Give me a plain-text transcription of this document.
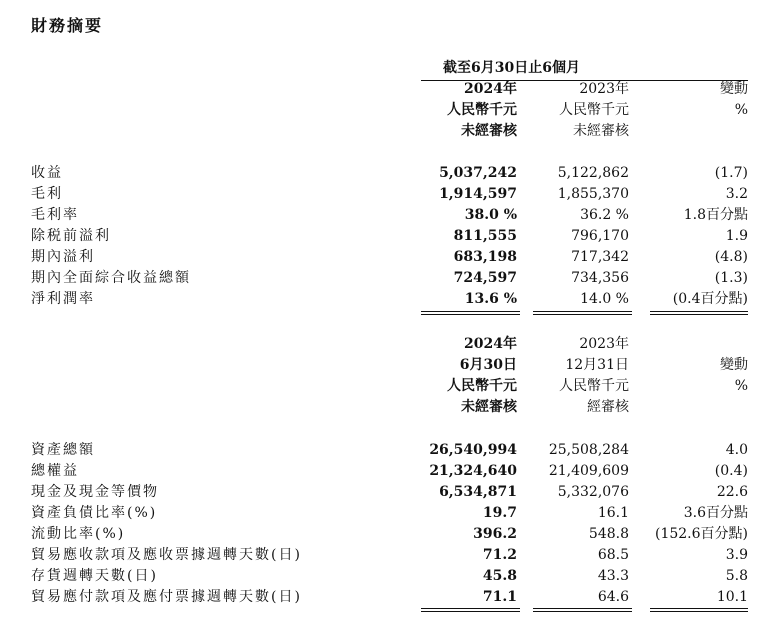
財務摘要
截至6月30日止6個月
2024年
人民幣千元
未經審核
2023年
人民幣千元
未經審核
變動
%
收益	5,037,242	5,122,862	(1.7)
毛利	1,914,597	1,855,370	3.2
毛利率	38.0 %	36.2 %	1.8百分點
除税前溢利	811,555	796,170	1.9
期內溢利	683,198	717,342	(4.8)
期內全面綜合收益總額	724,597	734,356	(1.3)
淨利潤率	13.6 %	14.0 %	(0.4百分點)
2024年
6月30日
人民幣千元
未經審核
2023年
12月31日
人民幣千元
經審核
變動
%
資產總額	26,540,994 25,508,284	4.0
總權益	21,324,640 21,409,609	(0.4)
現金及現金等價物	6,534,871	5,332,076	22.6
資產負債比率(%)	19.7	16.1	3.6百分點
流動比率(%)	396.2	548.8 (152.6百分點)
貿易應收款項及應收票據週轉天數(日)	71.2	68.5	3.9
存貨週轉天數(日)	45.8	43.3	5.8
貿易應付款項及應付票據週轉天數(日)	71.1	64.6	10.1
